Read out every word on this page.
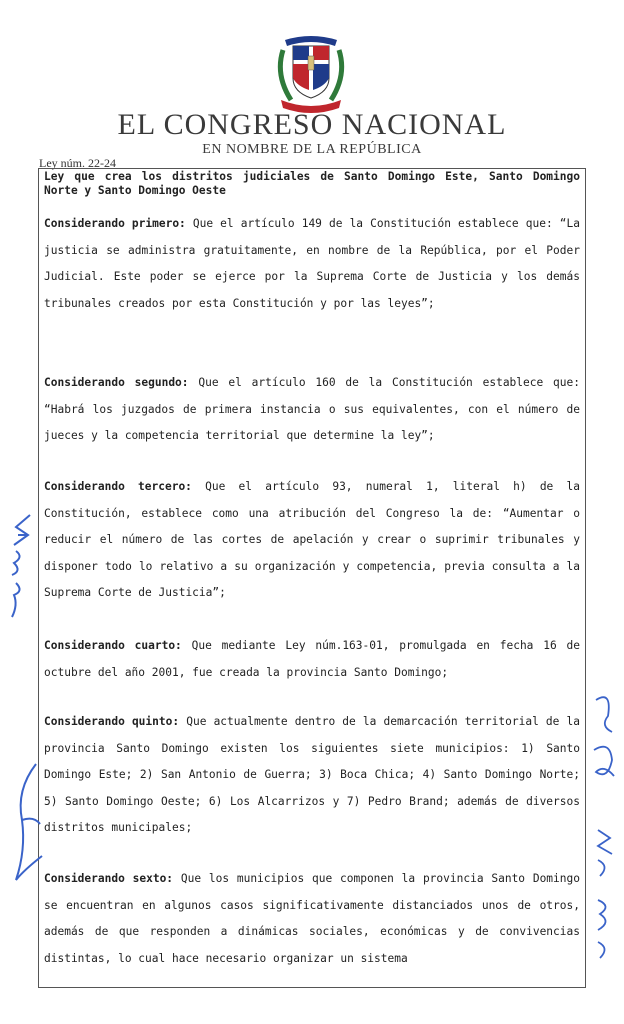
EL CONGRESO NACIONAL
EN NOMBRE DE LA REPÚBLICA
Ley núm. 22-24
Ley que crea los distritos judiciales de Santo Domingo Este, Santo Domingo Norte y Santo Domingo Oeste

Considerando primero: Que el artículo 149 de la Constitución establece que: “La justicia se administra gratuitamente, en nombre de la República, por el Poder Judicial. Este poder se ejerce por la Suprema Corte de Justicia y los demás tribunales creados por esta Constitución y por las leyes”;

Considerando segundo: Que el artículo 160 de la Constitución establece que: “Habrá los juzgados de primera instancia o sus equivalentes, con el número de jueces y la competencia territorial que determine la ley”;

Considerando tercero: Que el artículo 93, numeral 1, literal h) de la Constitución, establece como una atribución del Congreso la de: “Aumentar o reducir el número de las cortes de apelación y crear o suprimir tribunales y disponer todo lo relativo a su organización y competencia, previa consulta a la Suprema Corte de Justicia”;

Considerando cuarto: Que mediante Ley núm.163-01, promulgada en fecha 16 de octubre del año 2001, fue creada la provincia Santo Domingo;

Considerando quinto: Que actualmente dentro de la demarcación territorial de la provincia Santo Domingo existen los siguientes siete municipios: 1) Santo Domingo Este; 2) San Antonio de Guerra; 3) Boca Chica; 4) Santo Domingo Norte; 5) Santo Domingo Oeste; 6) Los Alcarrizos y 7) Pedro Brand; además de diversos distritos municipales;

Considerando sexto: Que los municipios que componen la provincia Santo Domingo se encuentran en algunos casos significativamente distanciados unos de otros, además de que responden a dinámicas sociales, económicas y de convivencias distintas, lo cual hace necesario organizar un sistema
